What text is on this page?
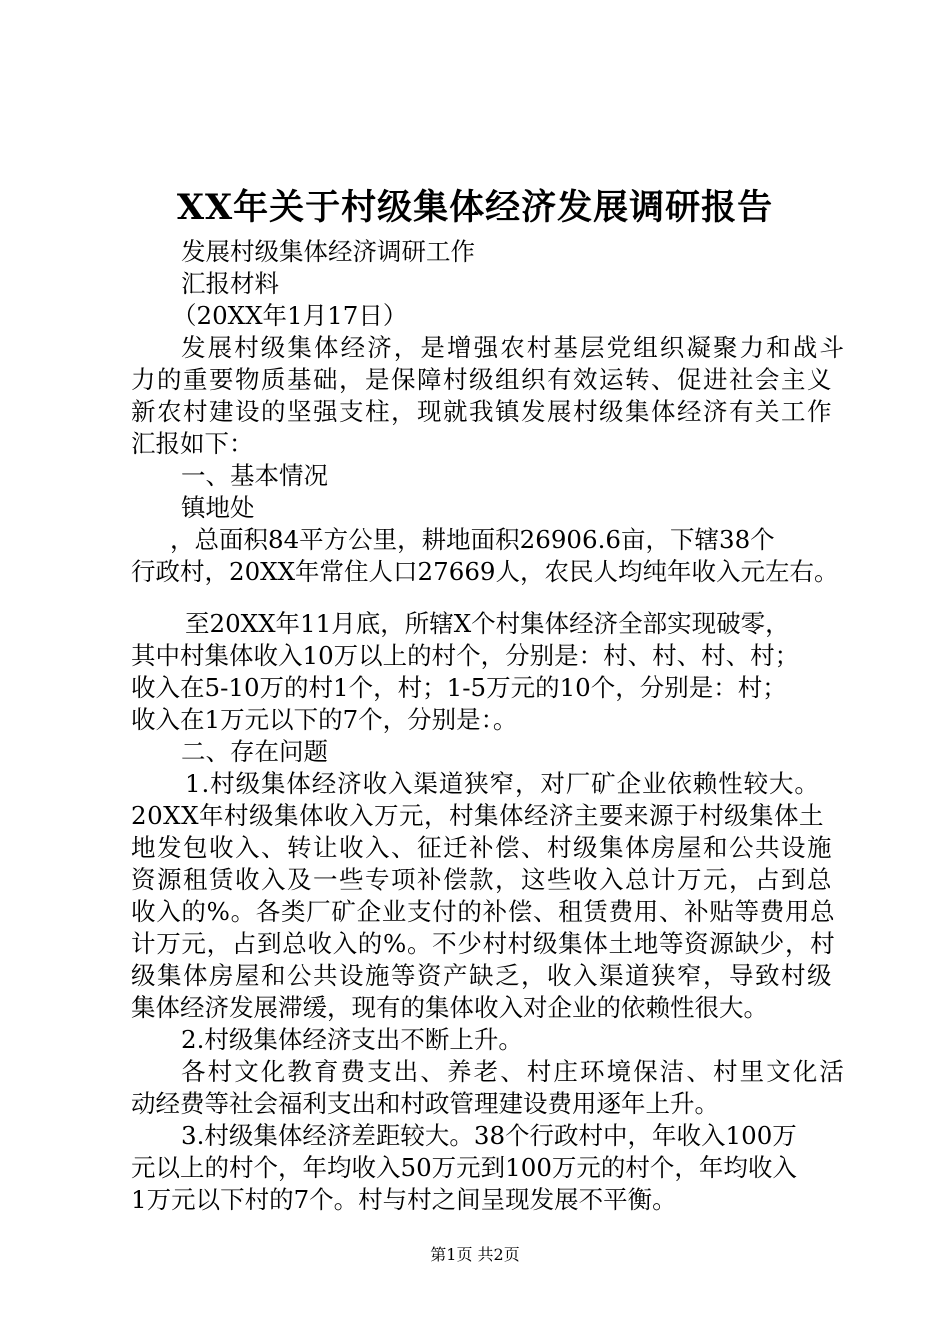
XX年关于村级集体经济发展调研报告
发展村级集体经济调研工作
汇报材料
（20XX年1月17日）
发展村级集体经济，是增强农村基层党组织凝聚力和战斗
力的重要物质基础，是保障村级组织有效运转、促进社会主义
新农村建设的坚强支柱，现就我镇发展村级集体经济有关工作
汇报如下：
一、基本情况
镇地处
，总面积84平方公里，耕地面积26906.6亩，下辖38个
行政村，20XX年常住人口27669人，农民人均纯年收入元左右。
至20XX年11月底，所辖X个村集体经济全部实现破零，
其中村集体收入10万以上的村个，分别是：村、村、村、村；
收入在5-10万的村1个，村；1-5万元的10个，分别是：村；
收入在1万元以下的7个，分别是：。
二、存在问题
1.村级集体经济收入渠道狭窄，对厂矿企业依赖性较大。
20XX年村级集体收入万元，村集体经济主要来源于村级集体土
地发包收入、转让收入、征迁补偿、村级集体房屋和公共设施
资源租赁收入及一些专项补偿款，这些收入总计万元，占到总
收入的%。各类厂矿企业支付的补偿、租赁费用、补贴等费用总
计万元，占到总收入的%。不少村村级集体土地等资源缺少，村
级集体房屋和公共设施等资产缺乏，收入渠道狭窄，导致村级
集体经济发展滞缓，现有的集体收入对企业的依赖性很大。
2.村级集体经济支出不断上升。
各村文化教育费支出、养老、村庄环境保洁、村里文化活
动经费等社会福利支出和村政管理建设费用逐年上升。
3.村级集体经济差距较大。38个行政村中，年收入100万
元以上的村个，年均收入50万元到100万元的村个，年均收入
1万元以下村的7个。村与村之间呈现发展不平衡。
第1页 共2页
